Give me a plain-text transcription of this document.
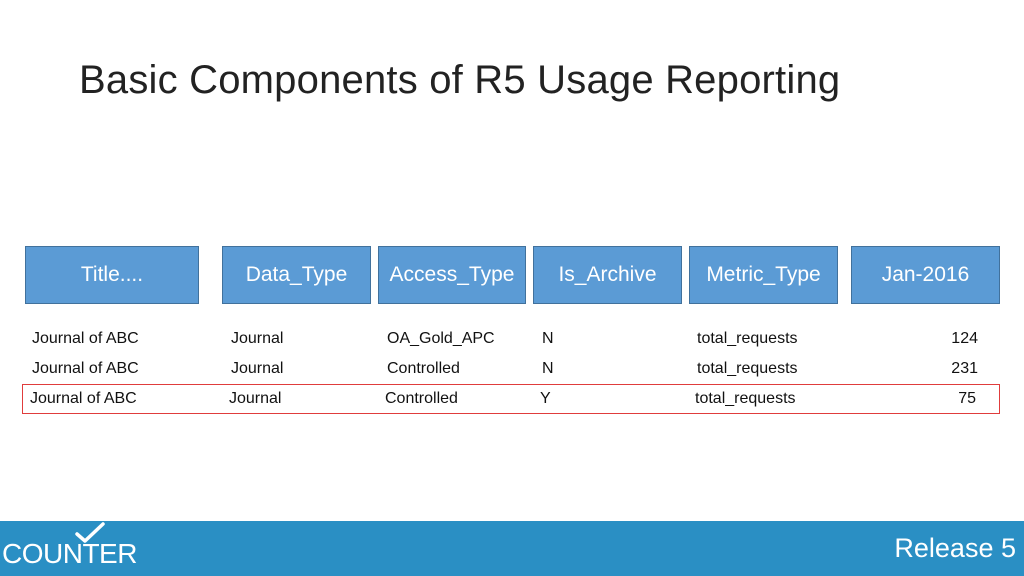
Basic Components of R5 Usage Reporting
Title....	Data_Type	Access_Type	Is_Archive	Metric_Type	Jan-2016
Journal of ABC	Journal	OA_Gold_APC	N	total_requests	124
Journal of ABC	Journal	Controlled	N	total_requests	231
Journal of ABC	Journal	Controlled	Y	total_requests	75
COUNTER	Release 5
